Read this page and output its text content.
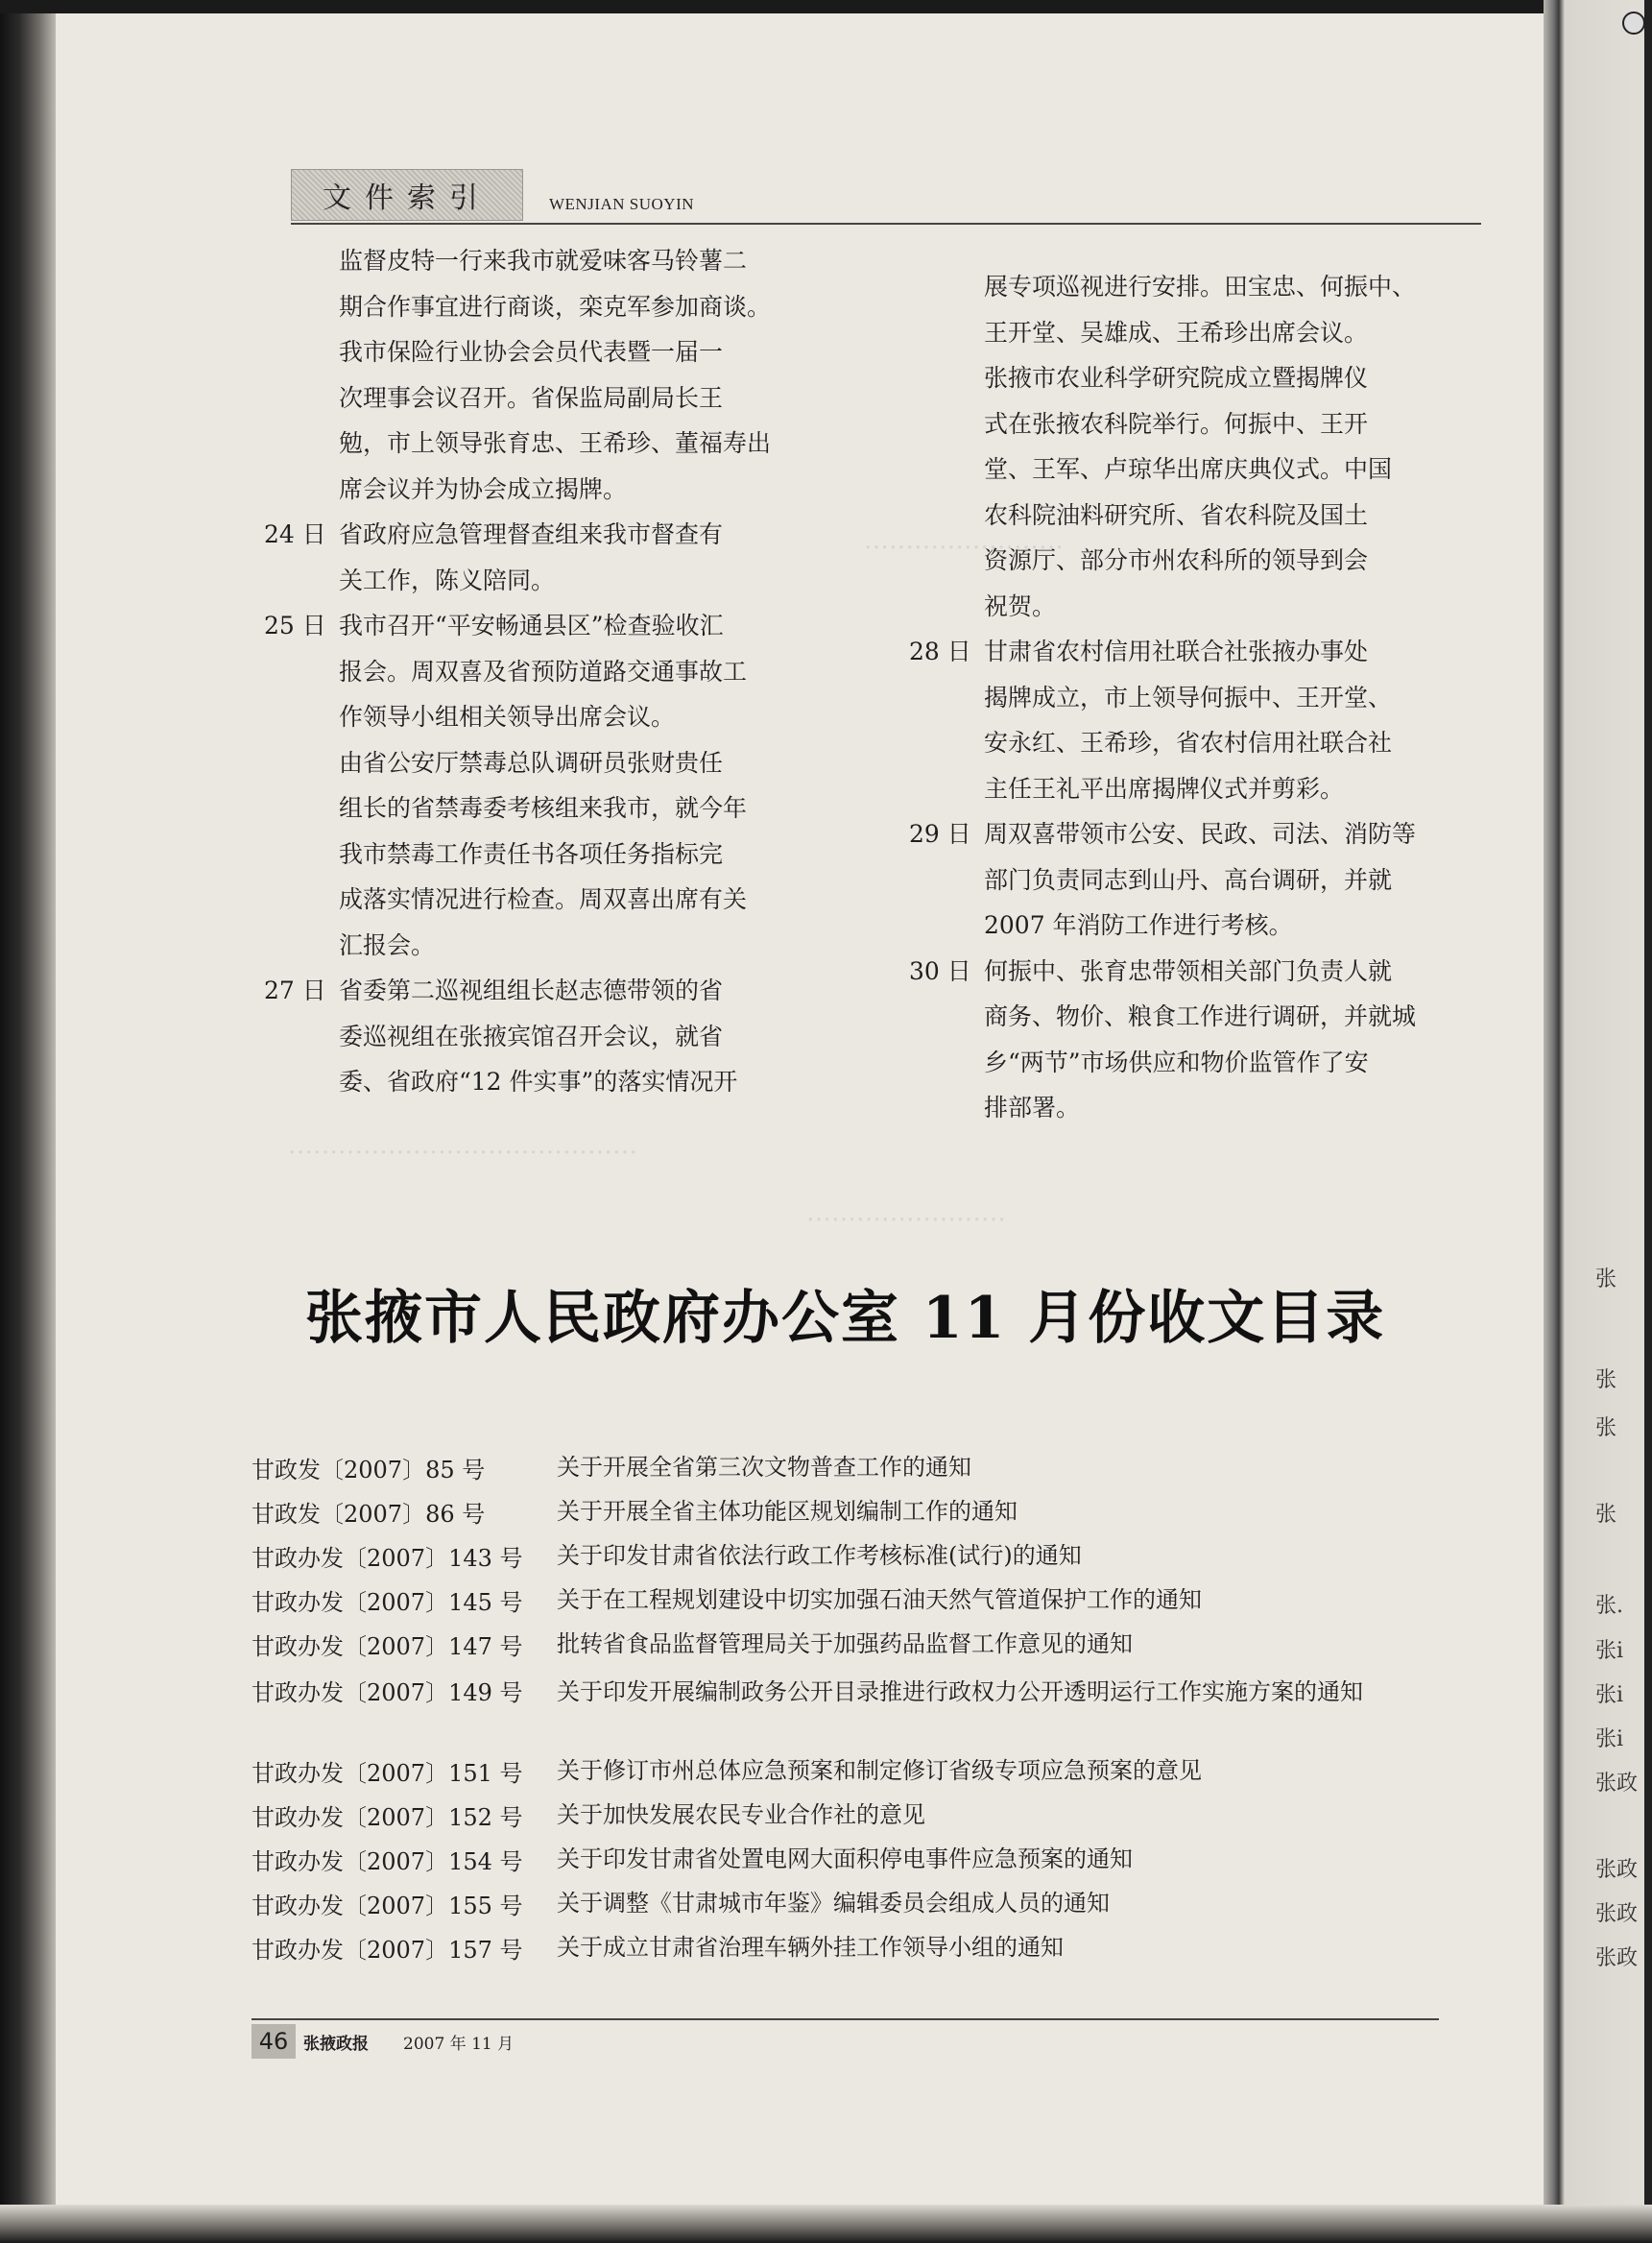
……………………
……………………………………
……………………
文件索引	WENJIAN SUOYIN
监督皮特一行来我市就爱味客马铃薯二
期合作事宜进行商谈，栾克军参加商谈。
我市保险行业协会会员代表暨一届一
次理事会议召开。省保监局副局长王
勉，市上领导张育忠、王希珍、董福寿出
席会议并为协会成立揭牌。
24 日 省政府应急管理督查组来我市督查有
关工作，陈义陪同。
25 日 我市召开“平安畅通县区”检查验收汇
报会。周双喜及省预防道路交通事故工
作领导小组相关领导出席会议。
由省公安厅禁毒总队调研员张财贵任
组长的省禁毒委考核组来我市，就今年
我市禁毒工作责任书各项任务指标完
成落实情况进行检查。周双喜出席有关
汇报会。
27 日 省委第二巡视组组长赵志德带领的省
委巡视组在张掖宾馆召开会议，就省
委、省政府“12 件实事”的落实情况开
展专项巡视进行安排。田宝忠、何振中、
王开堂、吴雄成、王希珍出席会议。
张掖市农业科学研究院成立暨揭牌仪
式在张掖农科院举行。何振中、王开
堂、王军、卢琼华出席庆典仪式。中国
农科院油料研究所、省农科院及国土
资源厅、部分市州农科所的领导到会
祝贺。
28 日 甘肃省农村信用社联合社张掖办事处
揭牌成立，市上领导何振中、王开堂、
安永红、王希珍，省农村信用社联合社
主任王礼平出席揭牌仪式并剪彩。
29 日 周双喜带领市公安、民政、司法、消防等
部门负责同志到山丹、高台调研，并就
2007 年消防工作进行考核。
30 日 何振中、张育忠带领相关部门负责人就
商务、物价、粮食工作进行调研，并就城
乡“两节”市场供应和物价监管作了安
排部署。
张掖市人民政府办公室 11 月份收文目录
甘政发〔2007〕85 号	关于开展全省第三次文物普查工作的通知
甘政发〔2007〕86 号	关于开展全省主体功能区规划编制工作的通知
甘政办发〔2007〕143 号	关于印发甘肃省依法行政工作考核标准(试行)的通知
甘政办发〔2007〕145 号	关于在工程规划建设中切实加强石油天然气管道保护工作的通知
甘政办发〔2007〕147 号	批转省食品监督管理局关于加强药品监督工作意见的通知
甘政办发〔2007〕149 号	关于印发开展编制政务公开目录推进行政权力公开透明运行工作实施方案的通知
甘政办发〔2007〕151 号	关于修订市州总体应急预案和制定修订省级专项应急预案的意见
甘政办发〔2007〕152 号	关于加快发展农民专业合作社的意见
甘政办发〔2007〕154 号	关于印发甘肃省处置电网大面积停电事件应急预案的通知
甘政办发〔2007〕155 号	关于调整《甘肃城市年鉴》编辑委员会组成人员的通知
甘政办发〔2007〕157 号	关于成立甘肃省治理车辆外挂工作领导小组的通知
46 张掖政报 2007 年 11 月
张
张
张
张
张.
张i
张i
张i
张政
张政
张政
张政
